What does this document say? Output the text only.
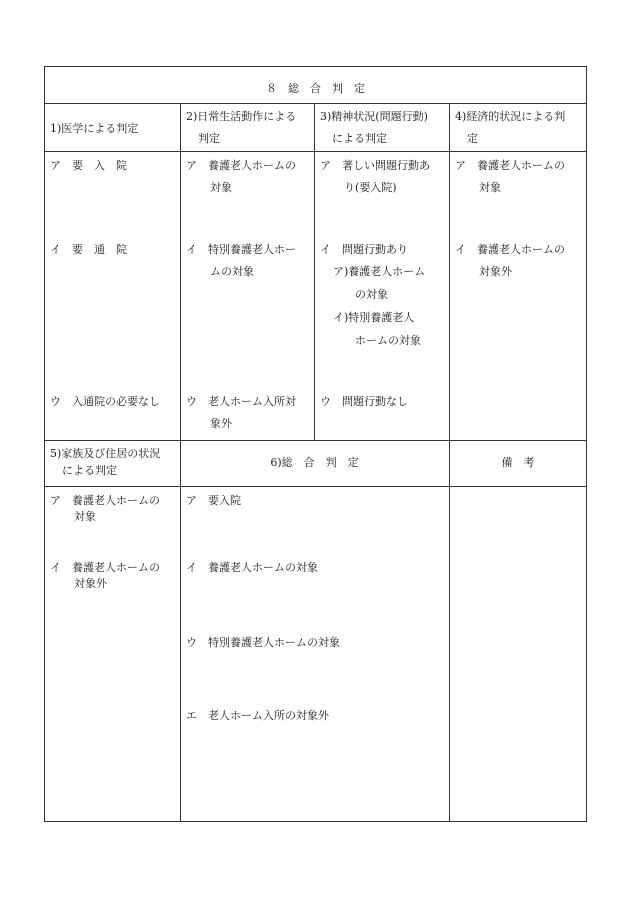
８　総　合　判　定
1)医学による判定
2)日常生活動作による
判定
3)精神状況(問題行動)
による判定
4)経済的状況による判
定
ア　要　入　院
イ　要　通　院
ウ　入通院の必要なし
ア　養護老人ホームの
対象
イ　特別養護老人ホー
ムの対象
ウ　老人ホーム入所対
象外
ア　著しい問題行動あ
り(要入院)
イ　問題行動あり
ア)養護老人ホーム
の対象
イ)特別養護老人
ホームの対象
ウ　問題行動なし
ア　養護老人ホームの
対象
イ　養護老人ホームの
対象外
5)家族及び住居の状況
による判定
6)総　合　判　定	備　考
ア　養護老人ホームの
対象
イ　養護老人ホームの
対象外
ア　要入院
イ　養護老人ホームの対象
ウ　特別養護老人ホームの対象
エ　老人ホーム入所の対象外
